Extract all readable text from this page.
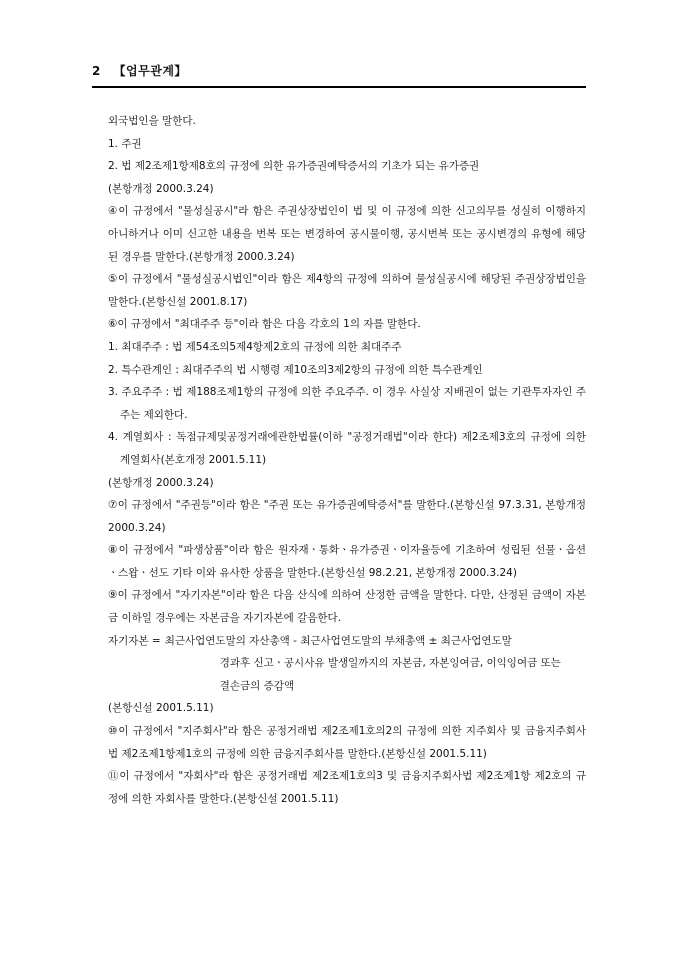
2 【업무관계】

외국법인을 말한다.

1. 주권

2. 법 제2조제1항제8호의 규정에 의한 유가증권예탁증서의 기초가 되는 유가증권

(본항개정 2000.3.24)

④이 규정에서 "물성실공시"라 함은 주권상장법인이 법 및 이 규정에 의한 신고의무를 성실히 이행하지 아니하거나 이미 신고한 내용을 번복 또는 변경하여 공시물이행, 공시번복 또는 공시변경의 유형에 해당된 경우를 말한다.(본항개정 2000.3.24)

⑤이 규정에서 "물성실공시법인"이라 함은 제4항의 규정에 의하여 물성실공시에 해당된 주권상장법인을 말한다.(본항신설 2001.8.17)

⑥이 규정에서 "최대주주 등"이라 함은 다음 각호의 1의 자를 말한다.

1. 최대주주 : 법 제54조의5제4항제2호의 규정에 의한 최대주주

2. 특수관계인 : 최대주주의 법 시행령 제10조의3제2항의 규정에 의한 특수관계인

3. 주요주주 : 법 제188조제1항의 규정에 의한 주요주주. 이 경우 사실상 지배권이 없는 기관투자자인 주주는 제외한다.

4. 계열회사 : 독점규제및공정거래에관한법률(이하 "공정거래법"이라 한다) 제2조제3호의 규정에 의한 계열회사(본호개정 2001.5.11)

(본항개정 2000.3.24)

⑦이 규정에서 "주권등"이라 함은 "주권 또는 유가증권예탁증서"를 말한다.(본항신설 97.3.31, 본항개정 2000.3.24)

⑧이 규정에서 "파생상품"이라 함은 원자재ㆍ통화ㆍ유가증권ㆍ이자율등에 기초하여 성립된 선물ㆍ옵션ㆍ스왑ㆍ선도 기타 이와 유사한 상품을 말한다.(본항신설 98.2.21, 본항개정 2000.3.24)

⑨이 규정에서 "자기자본"이라 함은 다음 산식에 의하여 산정한 금액을 말한다. 다만, 산정된 금액이 자본금 이하일 경우에는 자본금을 자기자본에 갈음한다.

자기자본 = 최근사업연도말의 자산총액 - 최근사업연도말의 부채총액 ± 최근사업연도말
경과후 신고ㆍ공시사유 발생일까지의 자본금, 자본잉여금, 이익잉여금 또는
결손금의 증감액

(본항신설 2001.5.11)

⑩이 규정에서 "지주회사"라 함은 공정거래법 제2조제1호의2의 규정에 의한 지주회사 및 금융지주회사법 제2조제1항제1호의 규정에 의한 금융지주회사를 말한다.(본항신설 2001.5.11)

⑪이 규정에서 "자회사"라 함은 공정거래법 제2조제1호의3 및 금융지주회사법 제2조제1항 제2호의 규정에 의한 자회사를 말한다.(본항신설 2001.5.11)
